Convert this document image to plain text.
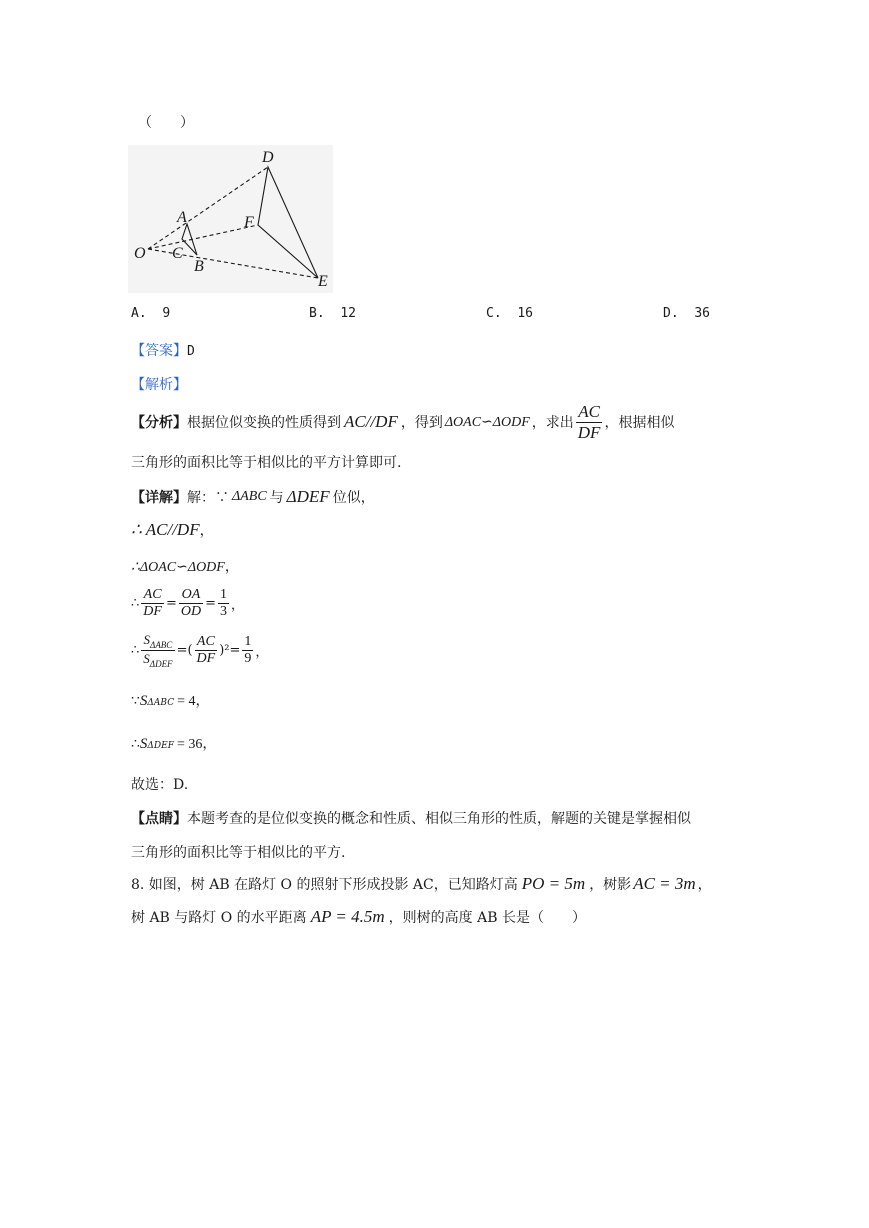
（　　）
D
A	F
O C
B
E
A. 9	B. 12	C. 16	D. 36
【答案】D
【解析】
【分析】 根据位似变换的性质得到 AC//DF ，得到 ΔOAC∽ΔODF ，求出 $\frac{AC}{DF}$ ，根据相似
三角形的面积比等于相似比的平方计算即可.
【详解】 解：∵ ΔABC 与 ΔDEF 位似，
∴ AC//DF，
∴ΔOAC∽ΔODF，
∴ $\frac{AC}{DF} = \frac{OA}{OD} = \frac{1}{3}$ ，
∴ $\frac{S_{\Delta ABC}}{S_{\Delta DEF}}$ =( $\frac{AC}{DF} )^2= \frac{1}{9}$ ，
∵ S ΔABC = 4 ，
∴ S ΔDEF = 36 ，
故选：D.
【点睛】本题考查的是位似变换的概念和性质、相似三角形的性质，解题的关键是掌握相似
三角形的面积比等于相似比的平方.
8. 如图，树 AB 在路灯 O 的照射下形成投影 AC，已知路灯高 PO = 5m ，树影 AC = 3m ，
树 AB 与路灯 O 的水平距离 AP = 4.5m ，则树的高度 AB 长是（　　）
